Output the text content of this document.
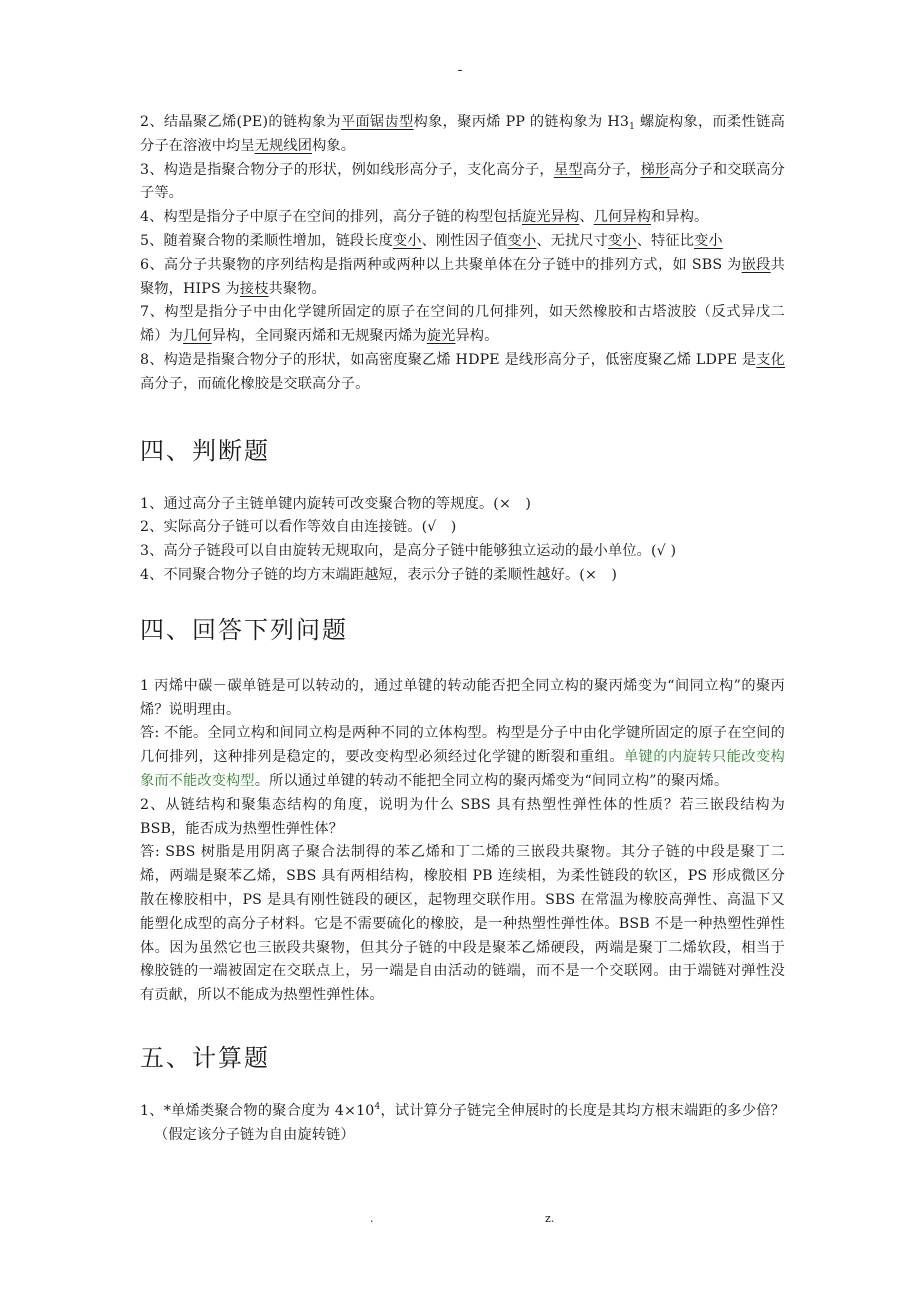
-

2、结晶聚乙烯(PE)的链构象为平面锯齿型构象，聚丙烯 PP 的链构象为 $H3_1$ 螺旋构象，而柔性链高分子在溶液中均呈无规线团构象。

3、构造是指聚合物分子的形状，例如线形高分子，支化高分子，星型高分子，梯形高分子和交联高分子等。

4、构型是指分子中原子在空间的排列，高分子链的构型包括旋光异构、几何异构和异构。

5、随着聚合物的柔顺性增加，链段长度变小、刚性因子值变小、无扰尺寸变小、特征比变小

6、高分子共聚物的序列结构是指两种或两种以上共聚单体在分子链中的排列方式，如 SBS 为嵌段共聚物，HIPS 为接枝共聚物。

7、构型是指分子中由化学键所固定的原子在空间的几何排列，如天然橡胶和古塔波胶（反式异戊二烯）为几何异构，全同聚丙烯和无规聚丙烯为旋光异构。

8、构造是指聚合物分子的形状，如高密度聚乙烯 HDPE 是线形高分子，低密度聚乙烯 LDPE 是支化高分子，而硫化橡胶是交联高分子。

四、判断题

1、通过高分子主链单键内旋转可改变聚合物的等规度。(×　)

2、实际高分子链可以看作等效自由连接链。(√　)

3、高分子链段可以自由旋转无规取向，是高分子链中能够独立运动的最小单位。(√ )

4、不同聚合物分子链的均方末端距越短，表示分子链的柔顺性越好。(×　)

四、回答下列问题

1 丙烯中碳－碳单链是可以转动的，通过单键的转动能否把全同立构的聚丙烯变为“间同立构”的聚丙烯？说明理由。

答: 不能。全同立构和间同立构是两种不同的立体构型。构型是分子中由化学键所固定的原子在空间的几何排列，这种排列是稳定的，要改变构型必须经过化学键的断裂和重组。单键的内旋转只能改变构象而不能改变构型。所以通过单键的转动不能把全同立构的聚丙烯变为“间同立构”的聚丙烯。

2、从链结构和聚集态结构的角度，说明为什么 SBS 具有热塑性弹性体的性质？若三嵌段结构为 BSB，能否成为热塑性弹性体？

答: SBS 树脂是用阴离子聚合法制得的苯乙烯和丁二烯的三嵌段共聚物。其分子链的中段是聚丁二烯，两端是聚苯乙烯，SBS 具有两相结构，橡胶相 PB 连续相，为柔性链段的软区，PS 形成微区分散在橡胶相中，PS 是具有刚性链段的硬区，起物理交联作用。SBS 在常温为橡胶高弹性、高温下又能塑化成型的高分子材料。它是不需要硫化的橡胶，是一种热塑性弹性体。BSB 不是一种热塑性弹性体。因为虽然它也三嵌段共聚物，但其分子链的中段是聚苯乙烯硬段，两端是聚丁二烯软段，相当于橡胶链的一端被固定在交联点上，另一端是自由活动的链端，而不是一个交联网。由于端链对弹性没有贡献，所以不能成为热塑性弹性体。

五、计算题

1、*单烯类聚合物的聚合度为 $4\times 10^4$，试计算分子链完全伸展时的长度是其均方根末端距的多少倍？（假定该分子链为自由旋转链）

.	z.
